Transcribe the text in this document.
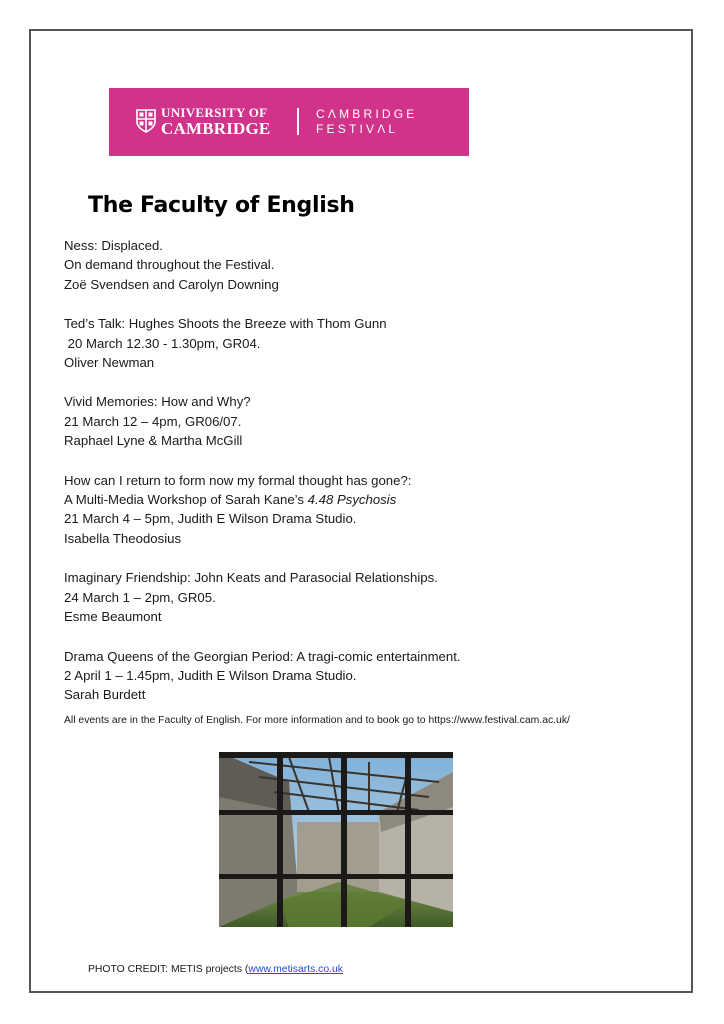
UNIVERSITY OF
CAMBRIDGE
CΛMBRIDGE
FESTIVΛL
The Faculty of English
Ness: Displaced.
On demand throughout the Festival.
Zoë Svendsen and Carolyn Downing
Ted’s Talk: Hughes Shoots the Breeze with Thom Gunn
20 March 12.30 - 1.30pm, GR04.
Oliver Newman
Vivid Memories: How and Why?
21 March 12 – 4pm, GR06/07.
Raphael Lyne & Martha McGill
How can I return to form now my formal thought has gone?:
A Multi-Media Workshop of Sarah Kane’s 4.48 Psychosis
21 March 4 – 5pm, Judith E Wilson Drama Studio.
Isabella Theodosius
Imaginary Friendship: John Keats and Parasocial Relationships.
24 March 1 – 2pm, GR05.
Esme Beaumont
Drama Queens of the Georgian Period: A tragi-comic entertainment.
2 April 1 – 1.45pm, Judith E Wilson Drama Studio.
Sarah Burdett
All events are in the Faculty of English. For more information and to book go to https://www.festival.cam.ac.uk/
PHOTO CREDIT: METIS projects (www.metisarts.co.uk
